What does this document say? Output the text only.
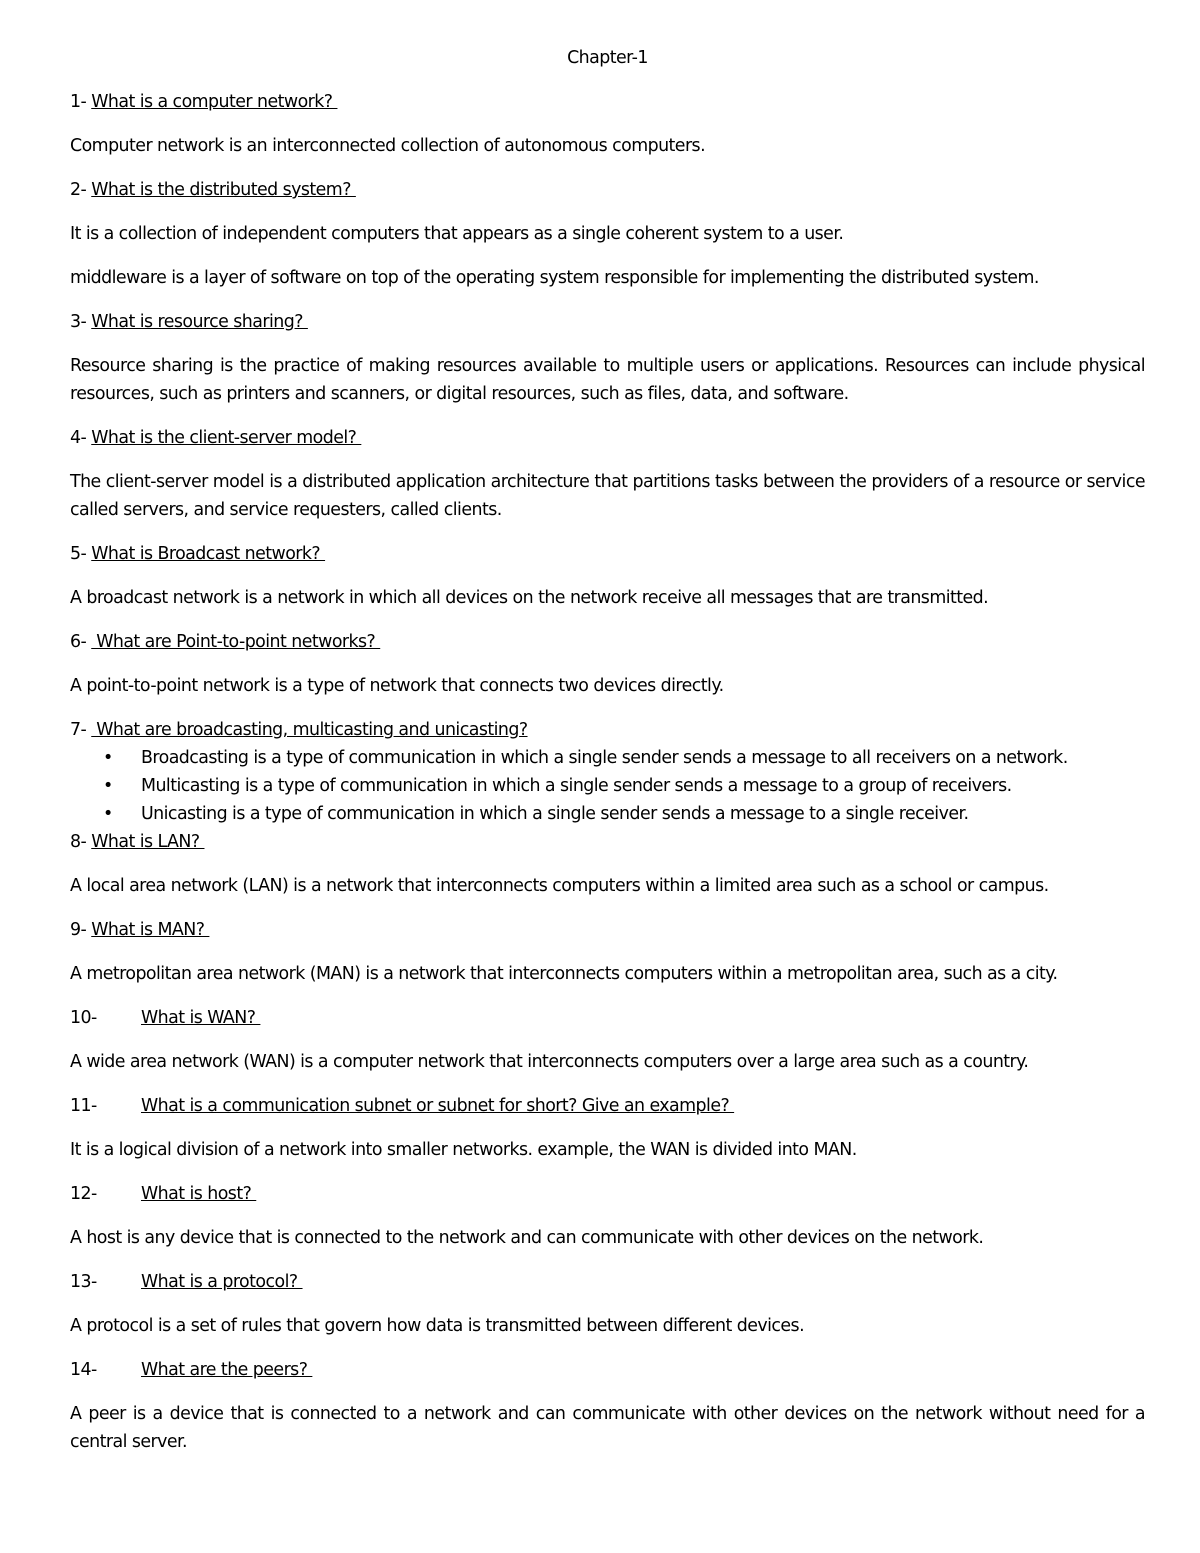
Chapter-1
1- What is a computer network?

Computer network is an interconnected collection of autonomous computers.

2- What is the distributed system?

It is a collection of independent computers that appears as a single coherent system to a user.

middleware is a layer of software on top of the operating system responsible for implementing the distributed system.

3- What is resource sharing?

Resource sharing is the practice of making resources available to multiple users or applications. Resources can include physical resources, such as printers and scanners, or digital resources, such as files, data, and software.

4- What is the client-server model?

The client-server model is a distributed application architecture that partitions tasks between the providers of a resource or service called servers, and service requesters, called clients.

5- What is Broadcast network?

A broadcast network is a network in which all devices on the network receive all messages that are transmitted.

6-  What are Point-to-point networks?

A point-to-point network is a type of network that connects two devices directly.

7-  What are broadcasting, multicasting and unicasting?
• Broadcasting is a type of communication in which a single sender sends a message to all receivers on a network.
• Multicasting is a type of communication in which a single sender sends a message to a group of receivers.
• Unicasting is a type of communication in which a single sender sends a message to a single receiver.
8- What is LAN?

A local area network (LAN) is a network that interconnects computers within a limited area such as a school or campus.

9- What is MAN?

A metropolitan area network (MAN) is a network that interconnects computers within a metropolitan area, such as a city.

10-	What is WAN?

A wide area network (WAN) is a computer network that interconnects computers over a large area such as a country.

11-	What is a communication subnet or subnet for short? Give an example?

It is a logical division of a network into smaller networks. example, the WAN is divided into MAN.

12-	What is host?

A host is any device that is connected to the network and can communicate with other devices on the network.

13-	What is a protocol?

A protocol is a set of rules that govern how data is transmitted between different devices.

14-	What are the peers?

A peer is a device that is connected to a network and can communicate with other devices on the network without need for a central server.
